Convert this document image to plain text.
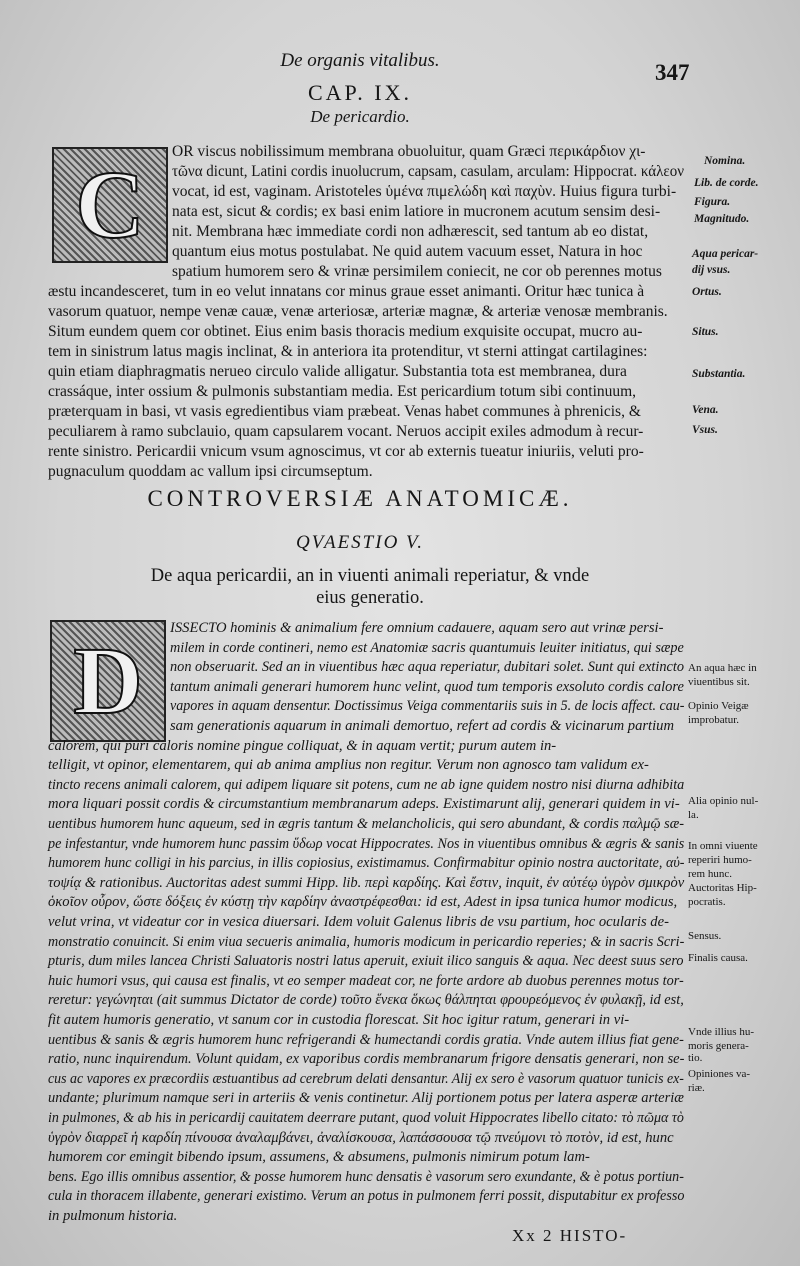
De organis vitalibus.	347
CAP. IX.
De pericardio.
C OR viscus nobilissimum membrana obuoluitur, quam Græci περικάρδιον χι-
τῶνα dicunt, Latini cordis inuolucrum, capsam, casulam, arculam: Hippocrat. κάλεον
vocat, id est, vaginam. Aristoteles ὑμένα πιμελώδη καὶ παχὺν. Huius figura turbi-
nata est, sicut & cordis; ex basi enim latiore in mucronem acutum sensim desi-
nit. Membrana hæc immediate cordi non adhærescit, sed tantum ab eo distat,
quantum eius motus postulabat. Ne quid autem vacuum esset, Natura in hoc
spatium humorem sero & vrinæ persimilem coniecit, ne cor ob perennes motus
æstu incandesceret, tum in eo velut innatans cor minus graue esset animanti. Oritur hæc tunica à
vasorum quatuor, nempe venæ cauæ, venæ arteriosæ, arteriæ magnæ, & arteriæ venosæ membranis.
Situm eundem quem cor obtinet. Eius enim basis thoracis medium exquisite occupat, mucro au-
tem in sinistrum latus magis inclinat, & in anteriora ita protenditur, vt sterni attingat cartilagines:
quin etiam diaphragmatis nerueo circulo valide alligatur. Substantia tota est membranea, dura
crassáque, inter ossium & pulmonis substantiam media. Est pericardium totum sibi continuum,
præterquam in basi, vt vasis egredientibus viam præbeat. Venas habet communes à phrenicis, &
peculiarem à ramo subclauio, quam capsularem vocant. Neruos accipit exiles admodum à recur-
rente sinistro. Pericardii vnicum vsum agnoscimus, vt cor ab externis tueatur iniuriis, veluti pro-
pugnaculum quoddam ac vallum ipsi circumseptum.
Nomina.
Lib. de corde.
Figura.
Magnitudo.
Aqua pericar-
dij vsus.
Ortus.
Situs.
Substantia.
Vena.
Vsus.
CONTROVERSIÆ ANATOMICÆ.
QVAESTIO V.
De aqua pericardii, an in viuenti animali reperiatur, & vnde
eius generatio.
D ISSECTO hominis & animalium fere omnium cadauere, aquam sero aut vrinæ persi-
milem in corde contineri, nemo est Anatomiæ sacris quantumuis leuiter initiatus, qui sæpe
non obseruarit. Sed an in viuentibus hæc aqua reperiatur, dubitari solet. Sunt qui extincto
tantum animali generari humorem hunc velint, quod tum temporis exsoluto cordis calore
vapores in aquam densentur. Doctissimus Veiga commentariis suis in 5. de locis affect. cau-
sam generationis aquarum in animali demortuo, refert ad cordis & vicinarum partium
calorem, qui puri caloris nomine pingue colliquat, & in aquam vertit; purum autem in-
telligit, vt opinor, elementarem, qui ab anima amplius non regitur. Verum non agnosco tam validum ex-
tincto recens animali calorem, qui adipem liquare sit potens, cum ne ab igne quidem nostro nisi diurna adhibita
mora liquari possit cordis & circumstantium membranarum adeps. Existimarunt alij, generari quidem in vi-
uentibus humorem hunc aqueum, sed in ægris tantum & melancholicis, qui sero abundant, & cordis παλμῷ sæ-
pe infestantur, vnde humorem hunc passim ὕδωρ vocat Hippocrates. Nos in viuentibus omnibus & ægris & sanis
humorem hunc colligi in his parcius, in illis copiosius, existimamus. Confirmabitur opinio nostra auctoritate, αὐ-
τοψίᾳ & rationibus. Auctoritas adest summi Hipp. lib. περὶ καρδίης. Καὶ ἔστιν, inquit, ἐν αὐτέῳ ὑγρὸν σμικρὸν
ὁκοῖον οὖρον, ὥστε δόξεις ἐν κύστῃ τὴν καρδίην ἀναστρέφεσθαι: id est, Adest in ipsa tunica humor modicus,
velut vrina, vt videatur cor in vesica diuersari. Idem voluit Galenus libris de vsu partium, hoc ocularis de-
monstratio conuincit. Si enim viua secueris animalia, humoris modicum in pericardio reperies; & in sacris Scri-
pturis, dum miles lancea Christi Saluatoris nostri latus aperuit, exiuit ilico sanguis & aqua. Nec deest suus sero
huic humori vsus, qui causa est finalis, vt eo semper madeat cor, ne forte ardore ab duobus perennes motus tor-
reretur: γεγώνηται (ait summus Dictator de corde) τοῦτο ἕνεκα ὅκως θάλπηται φρουρεόμενος ἐν φυλακῇ, id est,
fit autem humoris generatio, vt sanum cor in custodia florescat. Sit hoc igitur ratum, generari in vi-
uentibus & sanis & ægris humorem hunc refrigerandi & humectandi cordis gratia. Vnde autem illius fiat gene-
ratio, nunc inquirendum. Volunt quidam, ex vaporibus cordis membranarum frigore densatis generari, non se-
cus ac vapores ex præcordiis æstuantibus ad cerebrum delati densantur. Alij ex sero è vasorum quatuor tunicis ex-
undante; plurimum namque seri in arteriis & venis continetur. Alij portionem potus per latera asperæ arteriæ
in pulmones, & ab his in pericardij cauitatem deerrare putant, quod voluit Hippocrates libello citato: τὸ πῶμα τὸ
ὑγρὸν διαρρεῖ ἡ καρδίη πίνουσα ἀναλαμβάνει, ἀναλίσκουσα, λαπάσσουσα τῷ πνεύμονι τὸ ποτὸν, id est, hunc
humorem cor emingit bibendo ipsum, assumens, & absumens, pulmonis nimirum potum lam-
bens. Ego illis omnibus assentior, & posse humorem hunc densatis è vasorum sero exundante, & è potus portiun-
cula in thoracem illabente, generari existimo. Verum an potus in pulmonem ferri possit, disputabitur ex professo
in pulmonum historia.
An aqua hæc in
viuentibus sit.
Opinio Veigæ
improbatur.
Alia opinio nul-
la.
In omni viuente
reperiri humo-
rem hunc.
Auctoritas Hip-
pocratis.
Sensus.
Finalis causa.
Vnde illius hu-
moris genera-
tio.
Opiniones va-
riæ.
Xx 2 HISTO-
